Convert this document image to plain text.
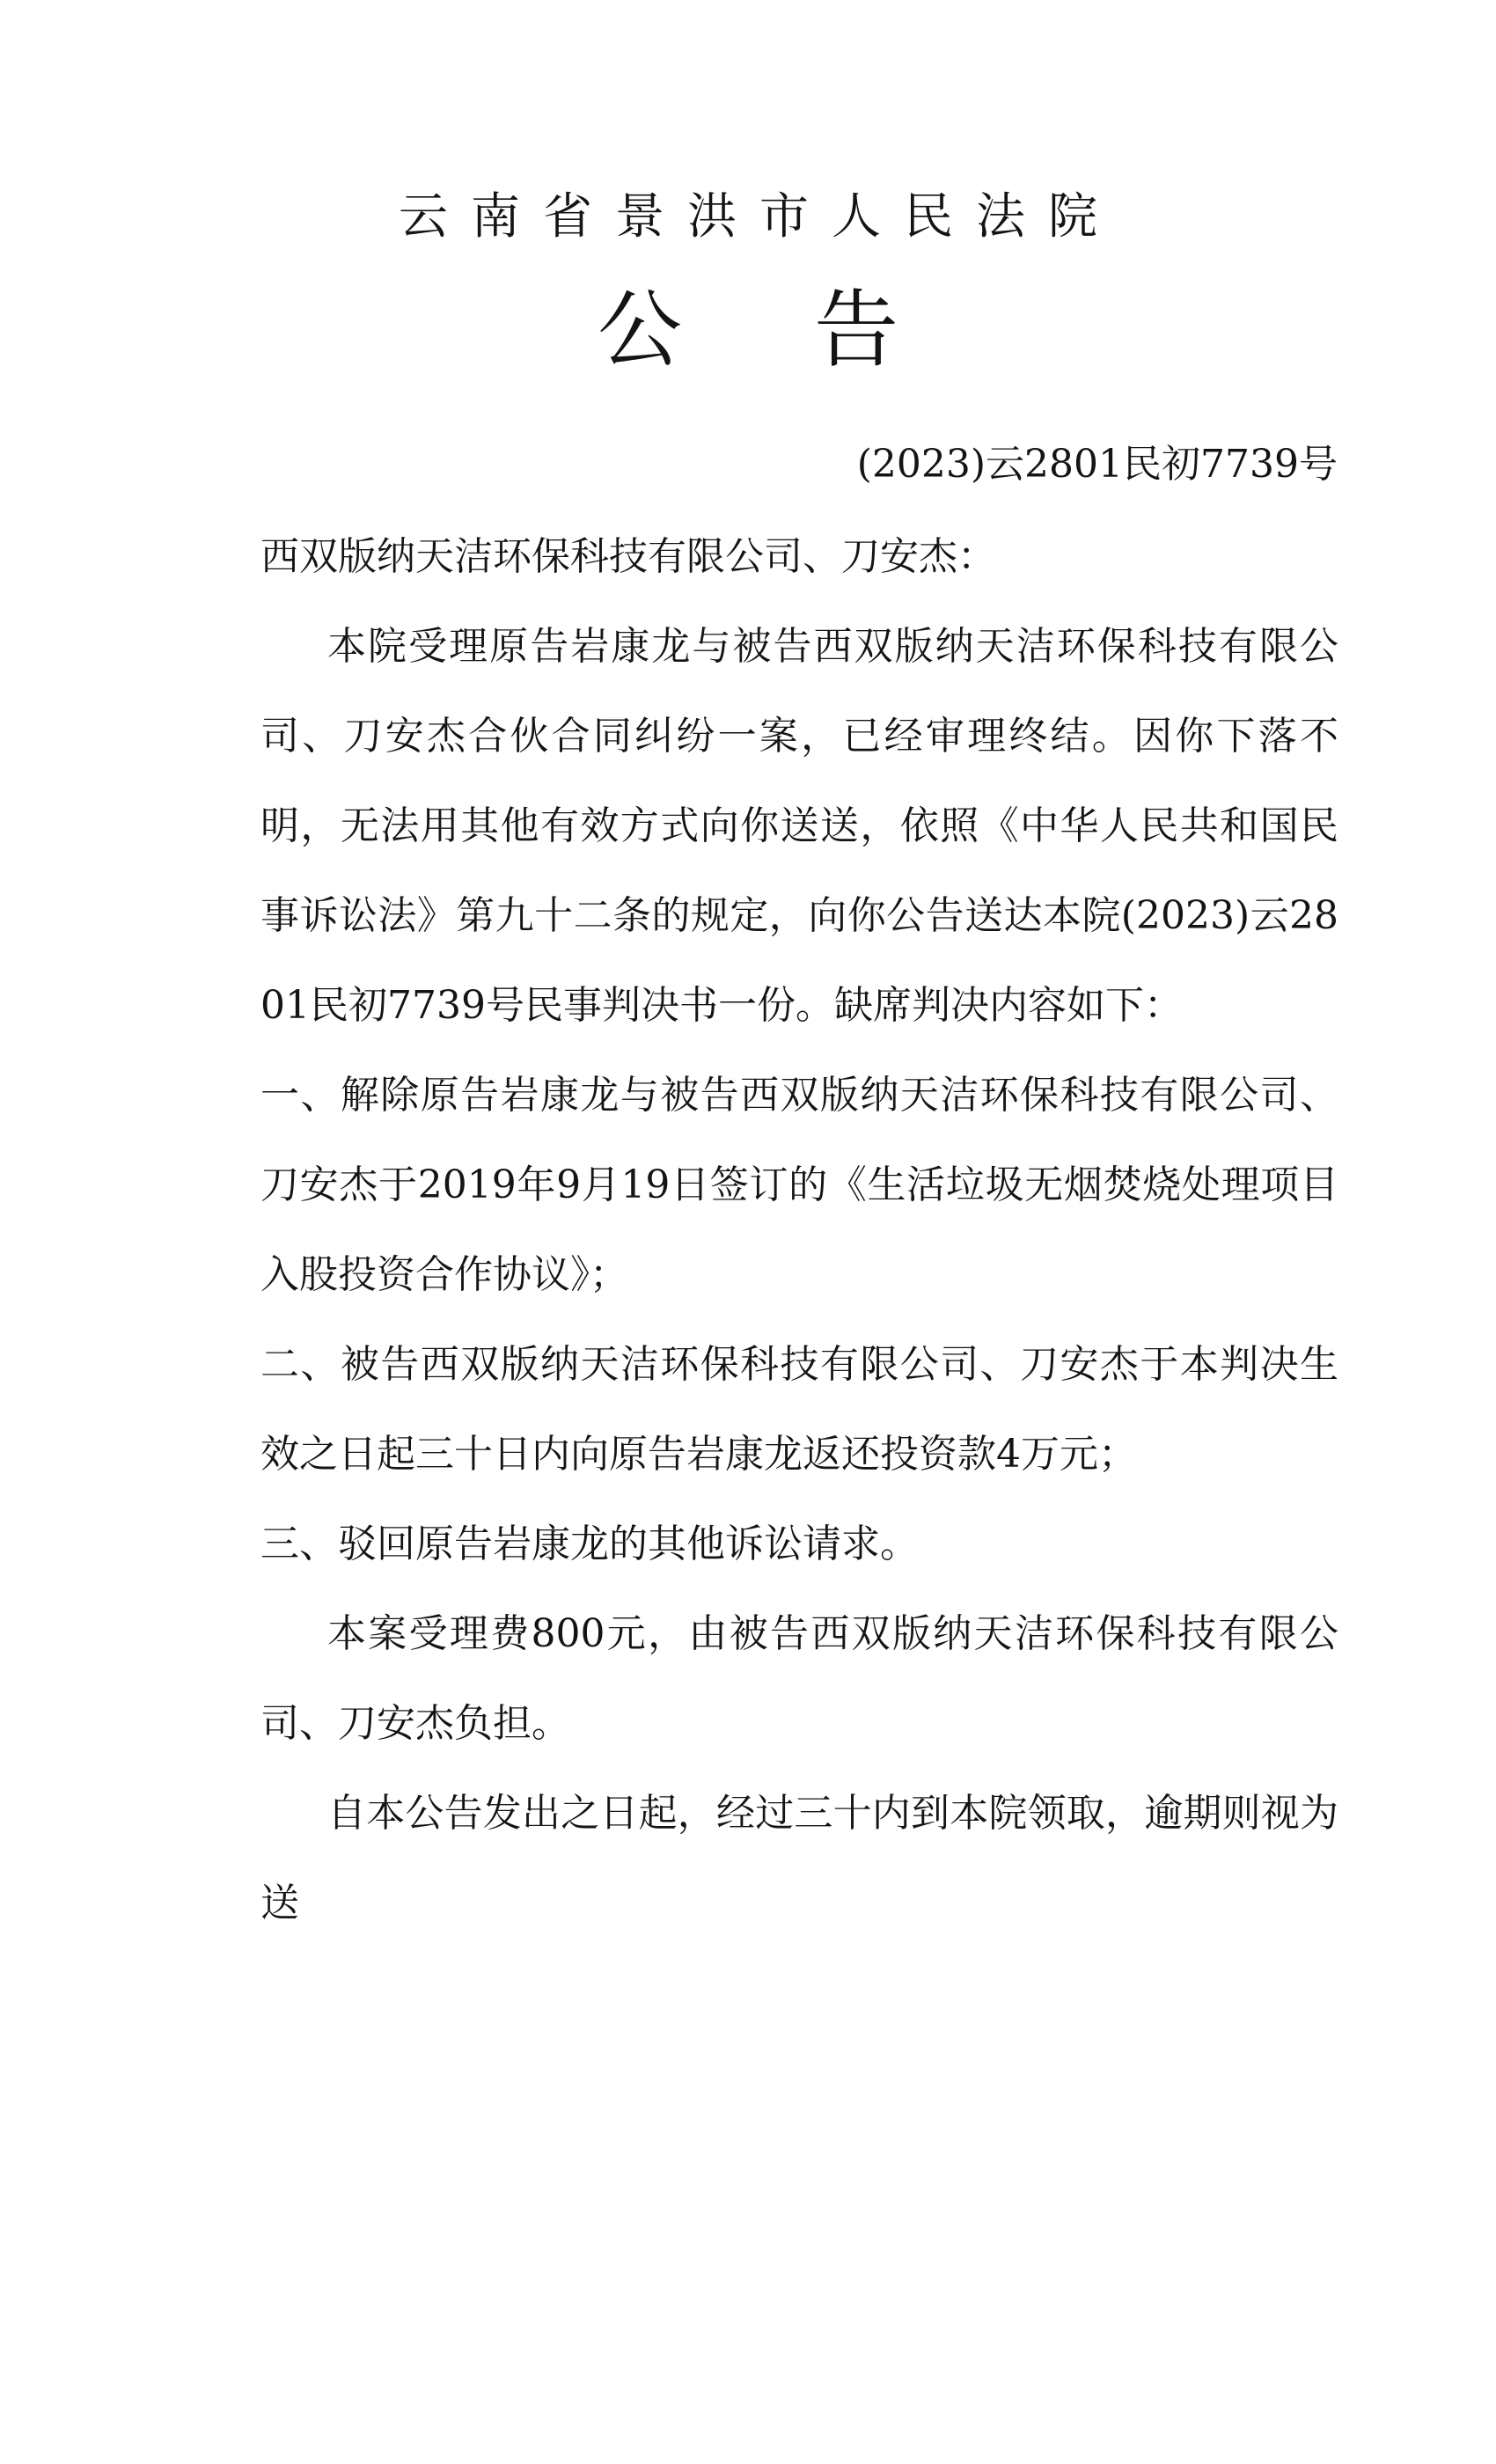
云南省景洪市人民法院
公告
(2023)云2801民初7739号

西双版纳天洁环保科技有限公司、刀安杰：

本院受理原告岩康龙与被告西双版纳天洁环保科技有限公司、刀安杰合伙合同纠纷一案，已经审理终结。因你下落不明，无法用其他有效方式向你送送，依照《中华人民共和国民事诉讼法》第九十二条的规定，向你公告送达本院(2023)云2801民初7739号民事判决书一份。缺席判决内容如下：

一、解除原告岩康龙与被告西双版纳天洁环保科技有限公司、刀安杰于2019年9月19日签订的《生活垃圾无烟焚烧处理项目入股投资合作协议》；

二、被告西双版纳天洁环保科技有限公司、刀安杰于本判决生效之日起三十日内向原告岩康龙返还投资款4万元；

三、驳回原告岩康龙的其他诉讼请求。

本案受理费800元，由被告西双版纳天洁环保科技有限公司、刀安杰负担。

自本公告发出之日起，经过三十内到本院领取，逾期则视为送
